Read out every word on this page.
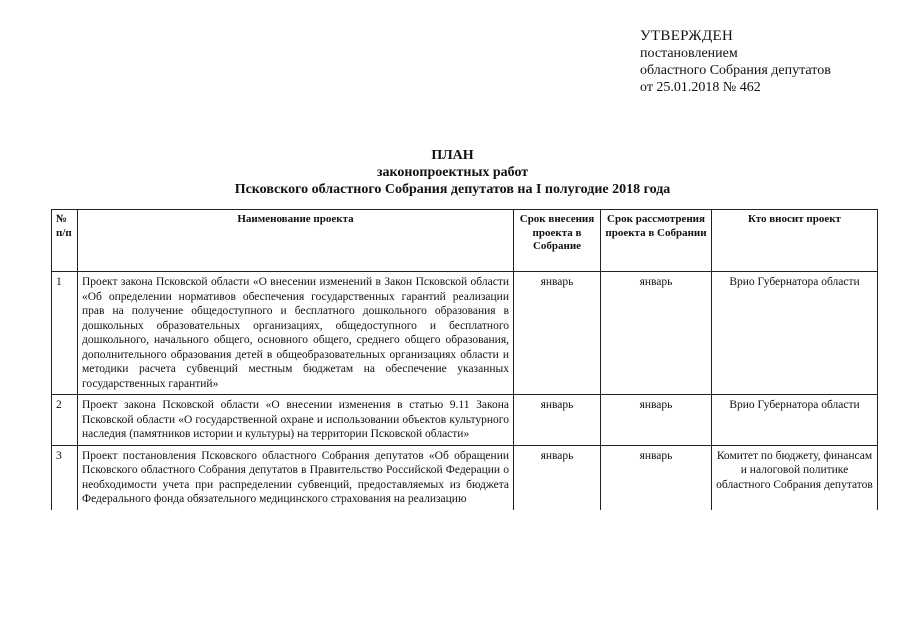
УТВЕРЖДЕН
постановлением
областного Собрания депутатов
от 25.01.2018 № 462
ПЛАН
законопроектных работ
Псковского областного Собрания депутатов на I полугодие 2018 года
№ п/п	Наименование проекта	Срок внесения проекта в Собрание	Срок рассмотрения проекта в Собрании	Кто вносит проект
1	Проект закона Псковской области «О внесении изменений в Закон Псковской области «Об определении нормативов обеспечения государственных гарантий реализации прав на получение общедоступного и бесплатного дошкольного образования в дошкольных образовательных организациях, общедоступного и бесплатного дошкольного, начального общего, основного общего, среднего общего образования, дополнительного образования детей в общеобразовательных организациях области и методики расчета субвенций местным бюджетам на обеспечение указанных государственных гарантий»	январь	январь	Врио Губернатора области
2	Проект закона Псковской области «О внесении изменения в статью 9.11 Закона Псковской области «О государственной охране и использовании объектов культурного наследия (памятников истории и культуры) на территории Псковской области»	январь	январь	Врио Губернатора области
3	Проект постановления Псковского областного Собрания депутатов «Об обращении Псковского областного Собрания депутатов в Правительство Российской Федерации о необходимости учета при распределении субвенций, предоставляемых из бюджета Федерального фонда обязательного медицинского страхования на реализацию	январь	январь	Комитет по бюджету, финансам и налоговой политике областного Собрания депутатов
